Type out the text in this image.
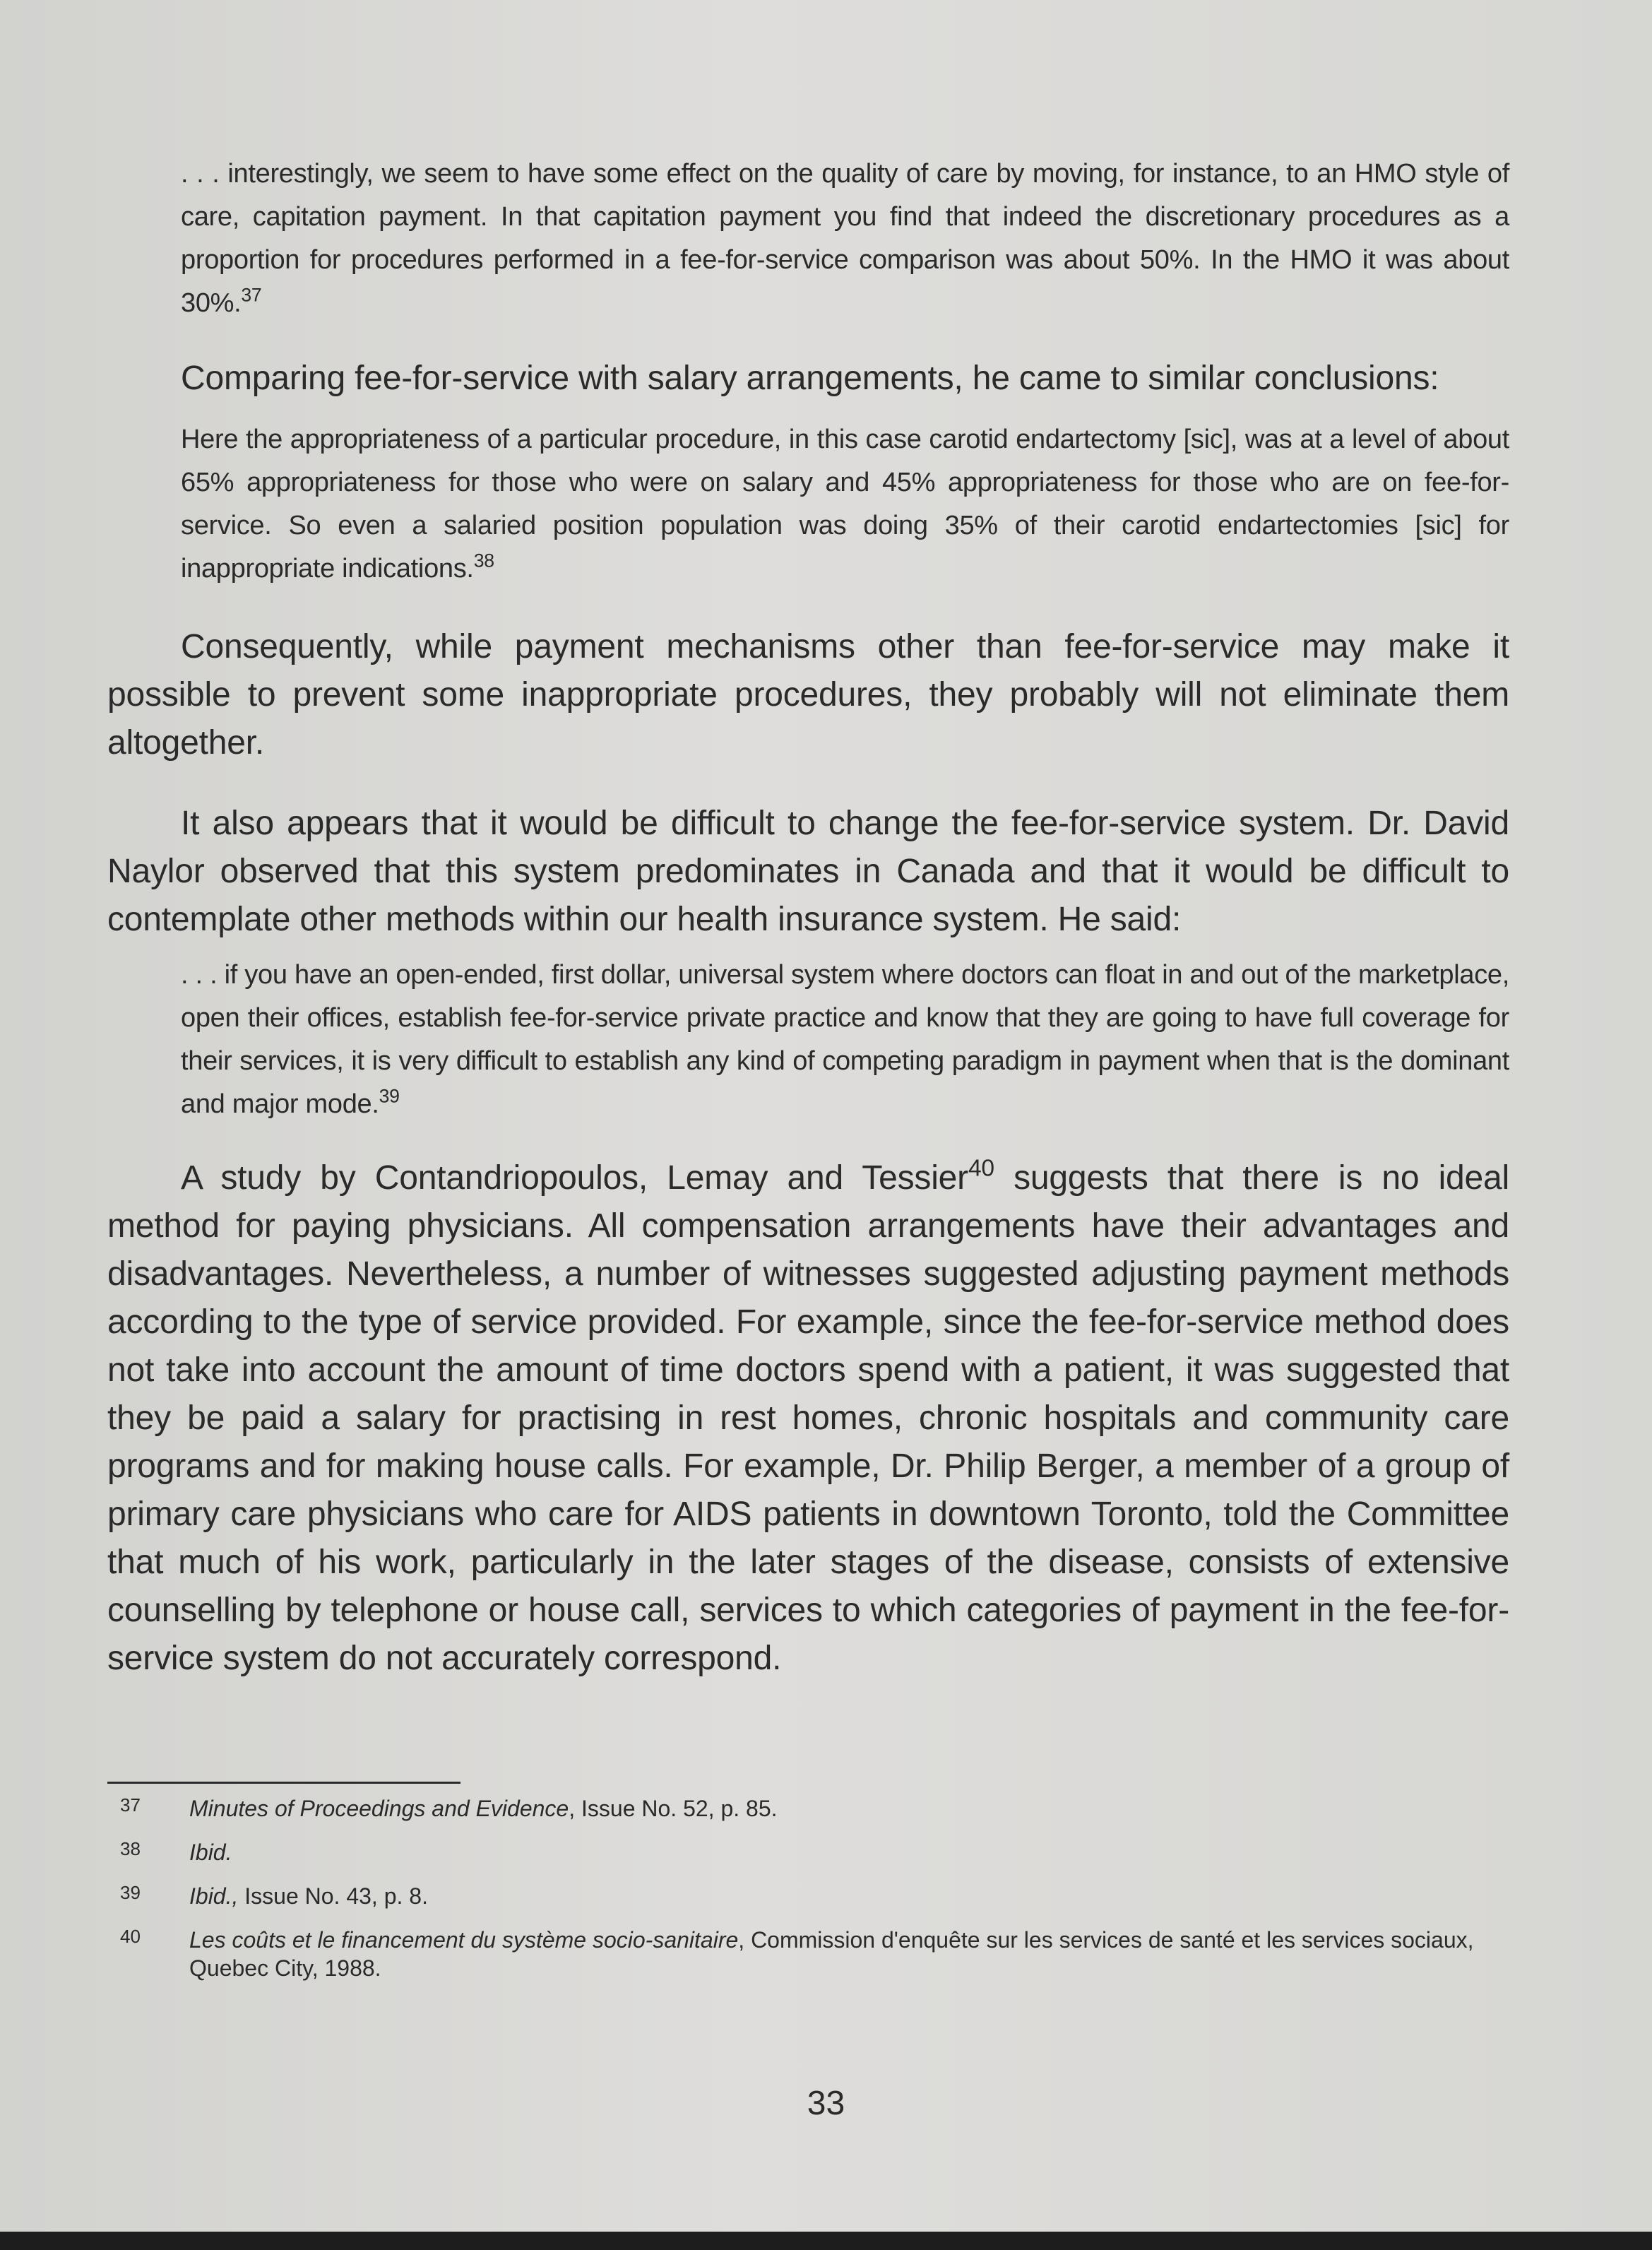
. . . interestingly, we seem to have some effect on the quality of care by moving, for instance, to an HMO style of care, capitation payment. In that capitation payment you find that indeed the discretionary procedures as a proportion for procedures performed in a fee-for-service comparison was about 50%. In the HMO it was about 30%.$^{37}$

Comparing fee-for-service with salary arrangements, he came to similar conclusions:

Here the appropriateness of a particular procedure, in this case carotid endartectomy [sic], was at a level of about 65% appropriateness for those who were on salary and 45% appropriateness for those who are on fee-for-service. So even a salaried position population was doing 35% of their carotid endartectomies [sic] for inappropriate indications.$^{38}$

Consequently, while payment mechanisms other than fee-for-service may make it possible to prevent some inappropriate procedures, they probably will not eliminate them altogether.

It also appears that it would be difficult to change the fee-for-service system. Dr. David Naylor observed that this system predominates in Canada and that it would be difficult to contemplate other methods within our health insurance system. He said:

. . . if you have an open-ended, first dollar, universal system where doctors can float in and out of the marketplace, open their offices, establish fee-for-service private practice and know that they are going to have full coverage for their services, it is very difficult to establish any kind of competing paradigm in payment when that is the dominant and major mode.$^{39}$

A study by Contandriopoulos, Lemay and Tessier$^{40}$ suggests that there is no ideal method for paying physicians. All compensation arrangements have their advantages and disadvantages. Nevertheless, a number of witnesses suggested adjusting payment methods according to the type of service provided. For example, since the fee-for-service method does not take into account the amount of time doctors spend with a patient, it was suggested that they be paid a salary for practising in rest homes, chronic hospitals and community care programs and for making house calls. For example, Dr. Philip Berger, a member of a group of primary care physicians who care for AIDS patients in downtown Toronto, told the Committee that much of his work, particularly in the later stages of the disease, consists of extensive counselling by telephone or house call, services to which categories of payment in the fee-for-service system do not accurately correspond.

37	Minutes of Proceedings and Evidence, Issue No. 52, p. 85.
38	Ibid.
39	Ibid., Issue No. 43, p. 8.
40	Les coûts et le financement du système socio-sanitaire, Commission d'enquête sur les services de santé et les services sociaux, Quebec City, 1988.
33
